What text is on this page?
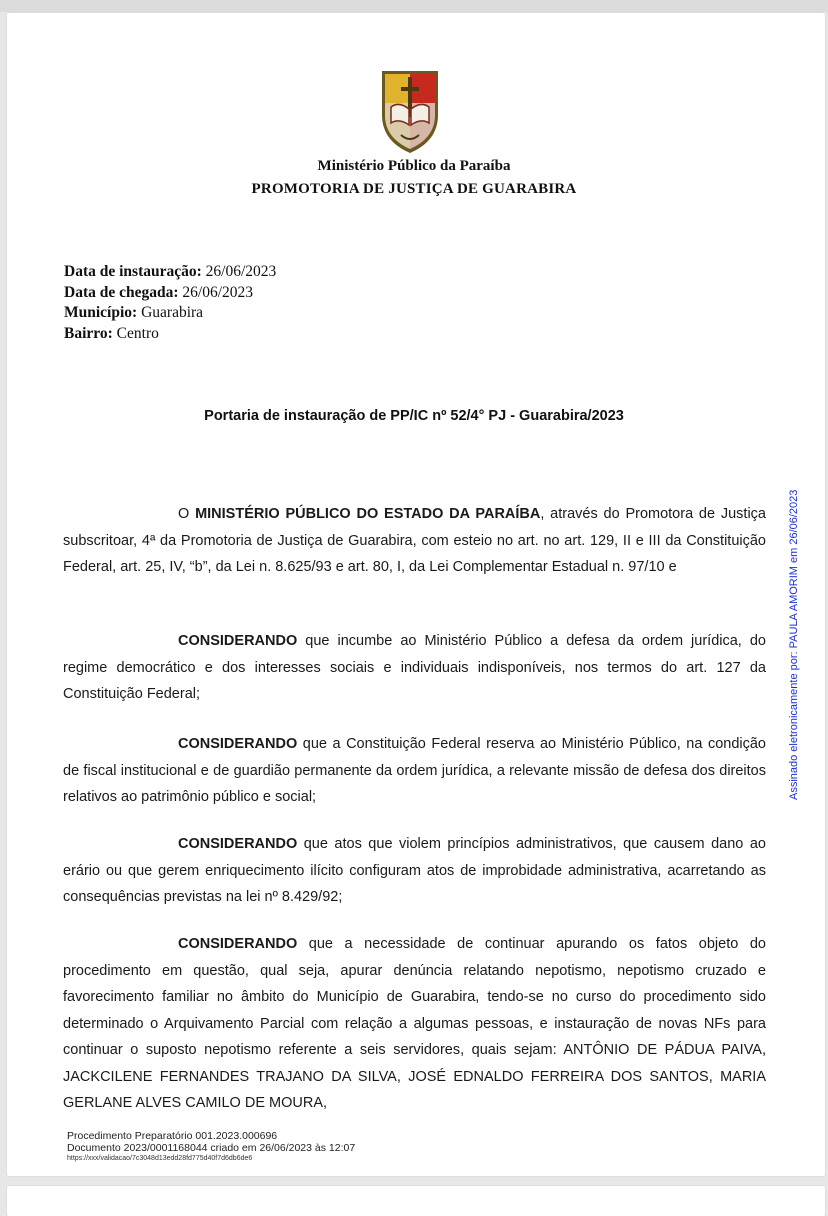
Ministério Público da Paraíba
PROMOTORIA DE JUSTIÇA DE GUARABIRA
Data de instauração: 26/06/2023
Data de chegada: 26/06/2023
Município: Guarabira
Bairro: Centro
Portaria de instauração de PP/IC nº 52/4° PJ - Guarabira/2023
O MINISTÉRIO PÚBLICO DO ESTADO DA PARAÍBA, através do Promotora de Justiça subscritoar, 4ª da Promotoria de Justiça de Guarabira, com esteio no art. no art. 129, II e III da Constituição Federal, art. 25, IV, “b”, da Lei n. 8.625/93 e art. 80, I, da Lei Complementar Estadual n. 97/10 e
CONSIDERANDO que incumbe ao Ministério Público a defesa da ordem jurídica, do regime democrático e dos interesses sociais e individuais indisponíveis, nos termos do art. 127 da Constituição Federal;
CONSIDERANDO que a Constituição Federal reserva ao Ministério Público, na condição de fiscal institucional e de guardião permanente da ordem jurídica, a relevante missão de defesa dos direitos relativos ao patrimônio público e social;
CONSIDERANDO que atos que violem princípios administrativos, que causem dano ao erário ou que gerem enriquecimento ilícito configuram atos de improbidade administrativa, acarretando as consequências previstas na lei nº 8.429/92;
CONSIDERANDO que a necessidade de continuar apurando os fatos objeto do procedimento em questão, qual seja, apurar denúncia relatando nepotismo, nepotismo cruzado e favorecimento familiar no âmbito do Município de Guarabira, tendo-se no curso do procedimento sido determinado o Arquivamento Parcial com relação a algumas pessoas, e instauração de novas NFs para continuar o suposto nepotismo referente a seis servidores, quais sejam: ANTÔNIO DE PÁDUA PAIVA, JACKCILENE FERNANDES TRAJANO DA SILVA, JOSÉ EDNALDO FERREIRA DOS SANTOS, MARIA GERLANE ALVES CAMILO DE MOURA,
Procedimento Preparatório 001.2023.000696
Documento 2023/0001168044 criado em 26/06/2023 às 12:07
https://xxx/validacao/7c3048d13edd28fd775d40f7d6db6de6
Assinado eletronicamente por: PAULA AMORIM em 26/06/2023
